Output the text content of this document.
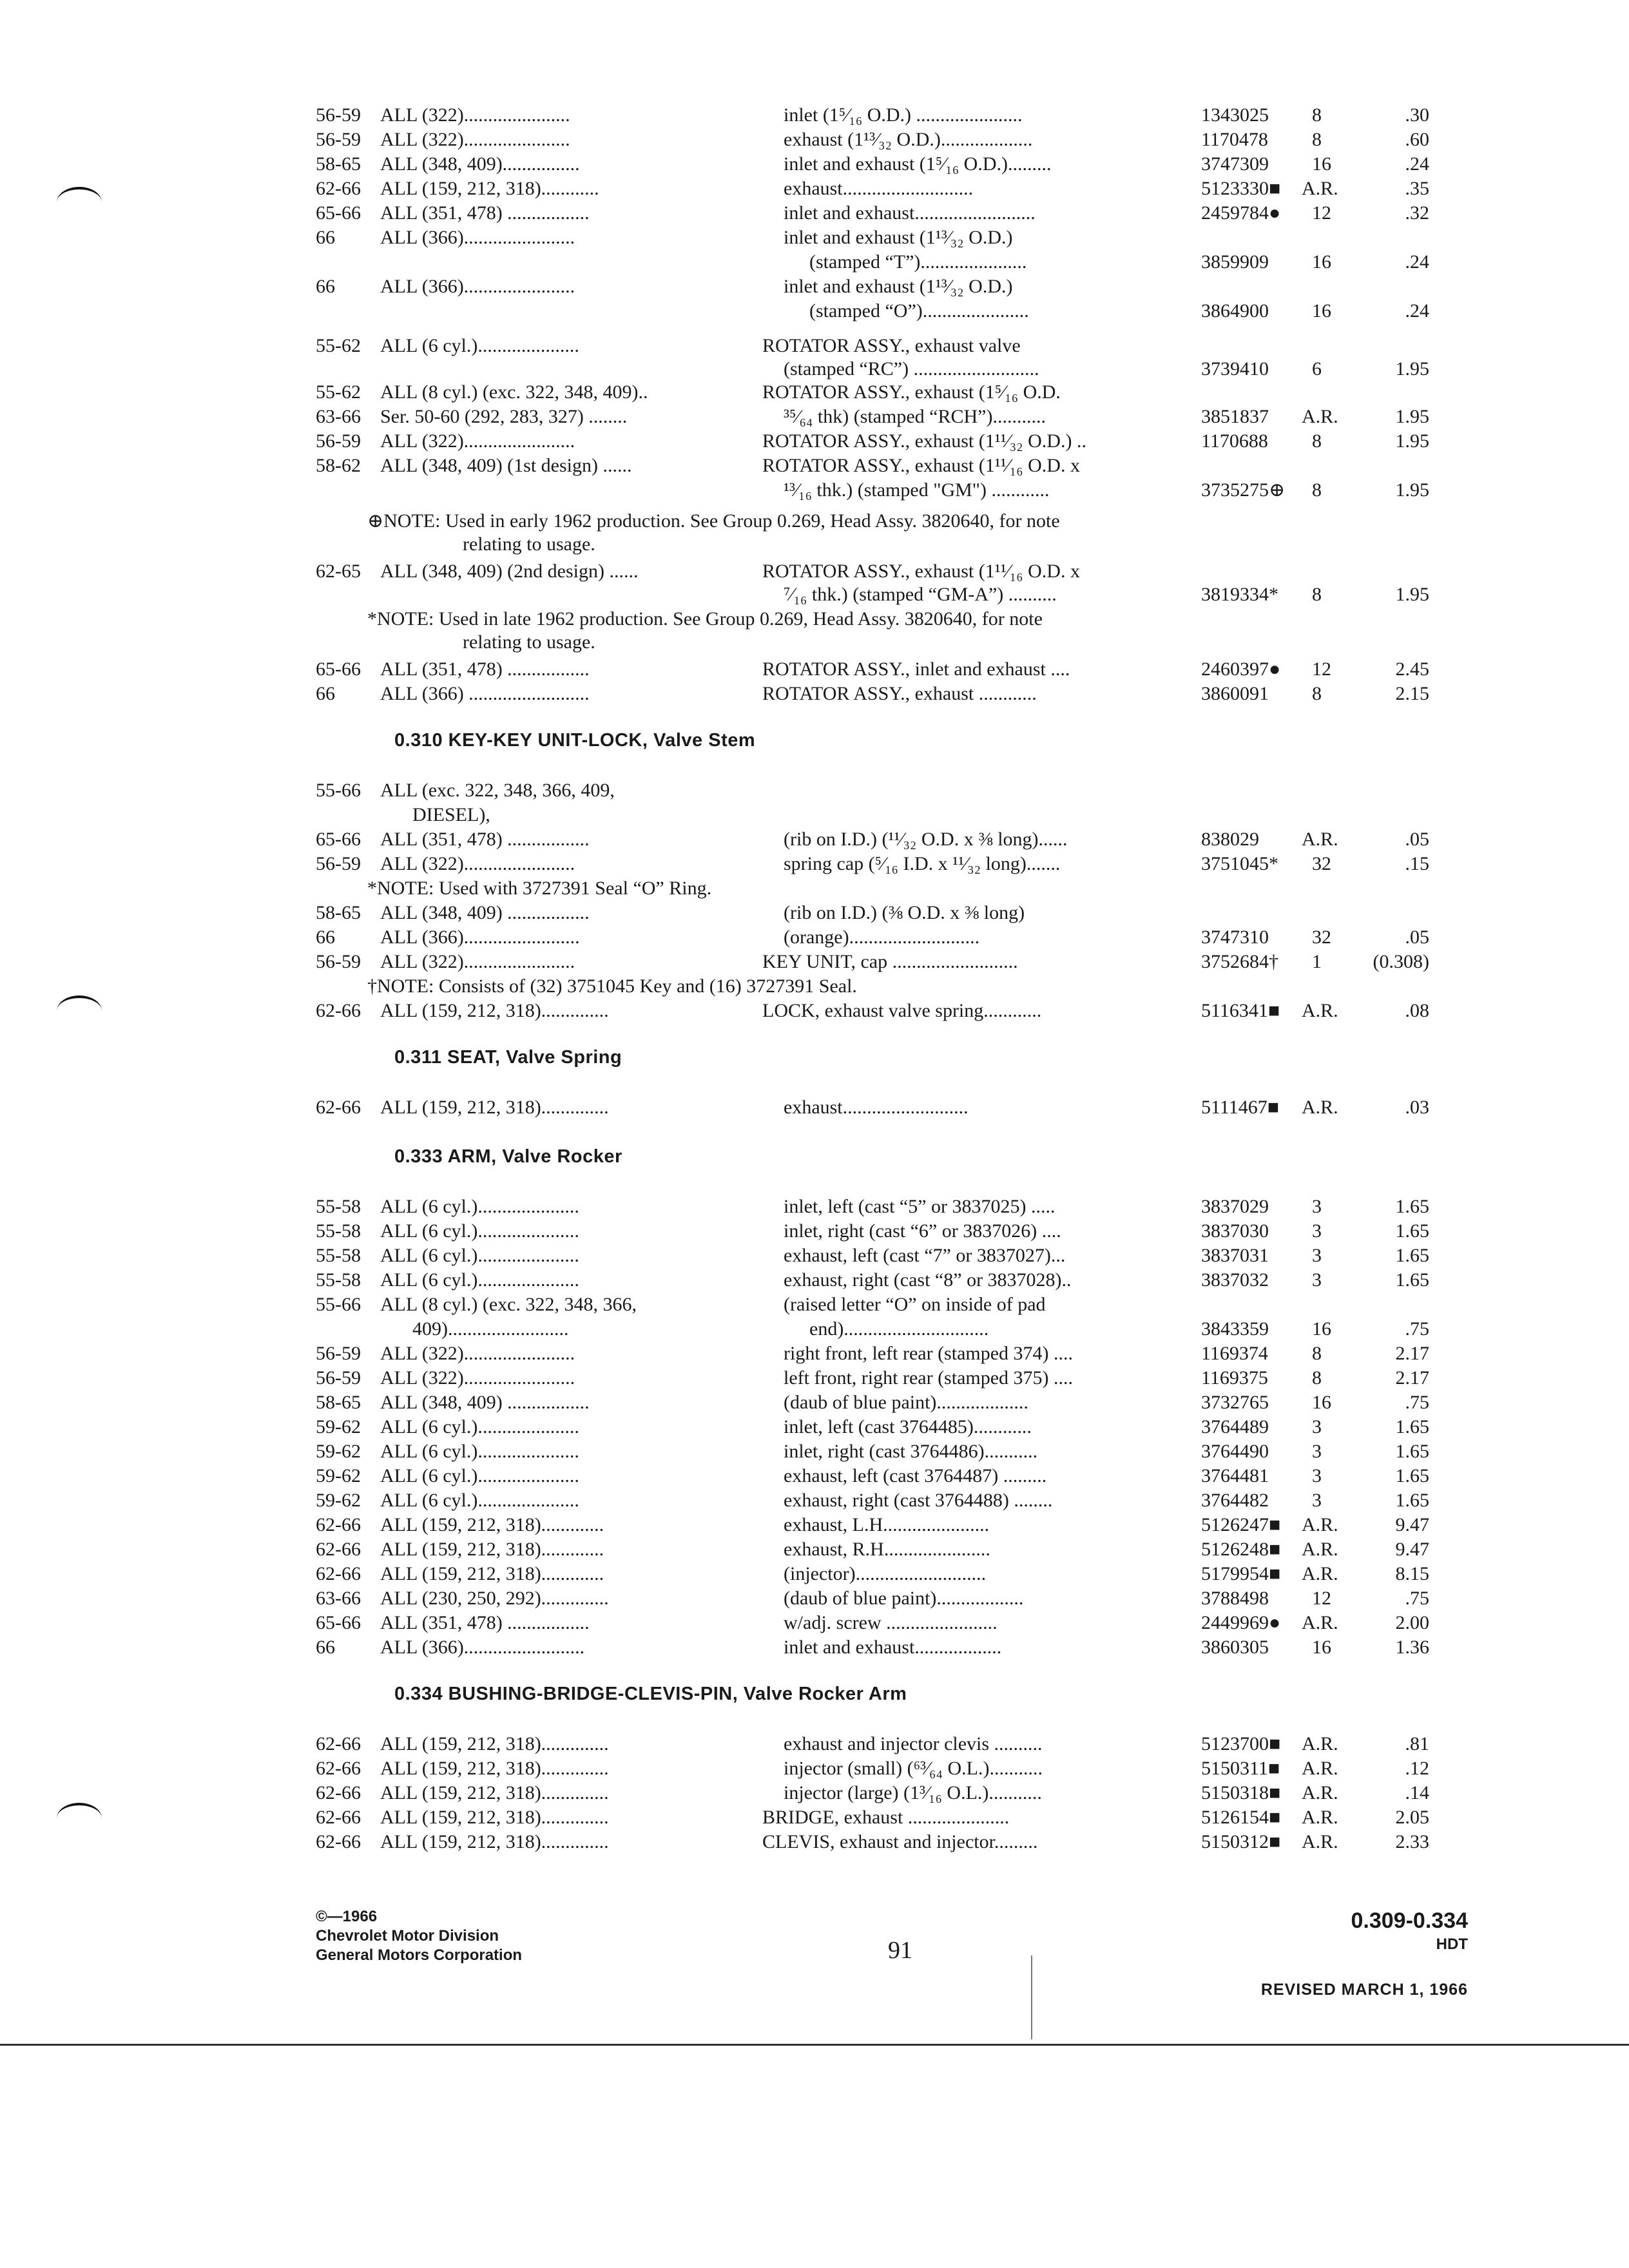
56-59 ALL (322)......................	inlet (1⁵⁄₁₆ O.D.) ......................	1343025 8	.30
56-59 ALL (322)......................	exhaust (1¹³⁄₃₂ O.D.)...................	1170478 8	.60
58-65 ALL (348, 409)................	inlet and exhaust (1⁵⁄₁₆ O.D.).........	3747309 16	.24
62-66 ALL (159, 212, 318)............	exhaust...........................	5123330■ A.R.	.35
65-66 ALL (351, 478) .................	inlet and exhaust.........................	2459784● 12	.32
66 ALL (366).......................	inlet and exhaust (1¹³⁄₃₂ O.D.)
(stamped “T”)......................	3859909 16	.24
66 ALL (366).......................	inlet and exhaust (1¹³⁄₃₂ O.D.)
(stamped “O”)......................	3864900 16	.24
55-62 ALL (6 cyl.).....................	ROTATOR ASSY., exhaust valve
(stamped “RC”) ..........................	3739410 6	1.95
55-62 ALL (8 cyl.) (exc. 322, 348, 409)..	ROTATOR ASSY., exhaust (1⁵⁄₁₆ O.D.
63-66 Ser. 50-60 (292, 283, 327) ........	³⁵⁄₆₄ thk) (stamped “RCH”)...........	3851837 A.R.	1.95
56-59 ALL (322).......................	ROTATOR ASSY., exhaust (1¹¹⁄₃₂ O.D.) ..	1170688 8	1.95
58-62 ALL (348, 409) (1st design) ......	ROTATOR ASSY., exhaust (1¹¹⁄₁₆ O.D. x
¹³⁄₁₆ thk.) (stamped "GM") ............	3735275⊕ 8	1.95
62-65 ALL (348, 409) (2nd design) ......	ROTATOR ASSY., exhaust (1¹¹⁄₁₆ O.D. x
⁷⁄₁₆ thk.) (stamped “GM-A”) ..........	3819334* 8	1.95
65-66 ALL (351, 478) .................	ROTATOR ASSY., inlet and exhaust ....	2460397● 12	2.45
66 ALL (366) .........................	ROTATOR ASSY., exhaust ............	3860091 8	2.15
⊕NOTE: Used in early 1962 production. See Group 0.269, Head Assy. 3820640, for note
relating to usage.
*NOTE: Used in late 1962 production. See Group 0.269, Head Assy. 3820640, for note
relating to usage.
0.310 KEY-KEY UNIT-LOCK, Valve Stem
55-66 ALL (exc. 322, 348, 366, 409,
DIESEL),
65-66 ALL (351, 478) .................	(rib on I.D.) (¹¹⁄₃₂ O.D. x ⅜ long)......	838029 A.R.	.05
56-59 ALL (322).......................	spring cap (⁵⁄₁₆ I.D. x ¹¹⁄₃₂ long).......	3751045* 32	.15
58-65 ALL (348, 409) .................	(rib on I.D.) (⅜ O.D. x ⅜ long)
66 ALL (366)........................	(orange)...........................	3747310 32	.05
56-59 ALL (322).......................	KEY UNIT, cap ..........................	3752684† 1	(0.308)
62-66 ALL (159, 212, 318)..............	LOCK, exhaust valve spring............	5116341■ A.R.	.08
*NOTE: Used with 3727391 Seal “O” Ring.
†NOTE: Consists of (32) 3751045 Key and (16) 3727391 Seal.
0.311 SEAT, Valve Spring
62-66 ALL (159, 212, 318)..............	exhaust..........................	5111467■ A.R.	.03
0.333 ARM, Valve Rocker
55-58 ALL (6 cyl.).....................	inlet, left (cast “5” or 3837025) .....	3837029 3	1.65
55-58 ALL (6 cyl.).....................	inlet, right (cast “6” or 3837026) ....	3837030 3	1.65
55-58 ALL (6 cyl.).....................	exhaust, left (cast “7” or 3837027)...	3837031 3	1.65
55-58 ALL (6 cyl.).....................	exhaust, right (cast “8” or 3837028)..	3837032 3	1.65
55-66 ALL (8 cyl.) (exc. 322, 348, 366,	(raised letter “O” on inside of pad
409).........................	end)..............................	3843359 16	.75
56-59 ALL (322).......................	right front, left rear (stamped 374) ....	1169374 8	2.17
56-59 ALL (322).......................	left front, right rear (stamped 375) ....	1169375 8	2.17
58-65 ALL (348, 409) .................	(daub of blue paint)...................	3732765 16	.75
59-62 ALL (6 cyl.).....................	inlet, left (cast 3764485)............	3764489 3	1.65
59-62 ALL (6 cyl.).....................	inlet, right (cast 3764486)...........	3764490 3	1.65
59-62 ALL (6 cyl.).....................	exhaust, left (cast 3764487) .........	3764481 3	1.65
59-62 ALL (6 cyl.).....................	exhaust, right (cast 3764488) ........	3764482 3	1.65
62-66 ALL (159, 212, 318).............	exhaust, L.H......................	5126247■ A.R.	9.47
62-66 ALL (159, 212, 318).............	exhaust, R.H......................	5126248■ A.R.	9.47
62-66 ALL (159, 212, 318).............	(injector)...........................	5179954■ A.R.	8.15
63-66 ALL (230, 250, 292)..............	(daub of blue paint)..................	3788498 12	.75
65-66 ALL (351, 478) .................	w/adj. screw .......................	2449969● A.R.	2.00
66 ALL (366).........................	inlet and exhaust..................	3860305 16	1.36
0.334 BUSHING-BRIDGE-CLEVIS-PIN, Valve Rocker Arm
62-66 ALL (159, 212, 318)..............	exhaust and injector clevis ..........	5123700■ A.R.	.81
62-66 ALL (159, 212, 318)..............	injector (small) (⁶³⁄₆₄ O.L.)...........	5150311■ A.R.	.12
62-66 ALL (159, 212, 318)..............	injector (large) (1³⁄₁₆ O.L.)...........	5150318■ A.R.	.14
62-66 ALL (159, 212, 318)..............	BRIDGE, exhaust .....................	5126154■ A.R.	2.05
62-66 ALL (159, 212, 318)..............	CLEVIS, exhaust and injector.........	5150312■ A.R.	2.33
©—1966
Chevrolet Motor Division
General Motors Corporation	91
0.309-0.334
HDT
REVISED MARCH 1, 1966
